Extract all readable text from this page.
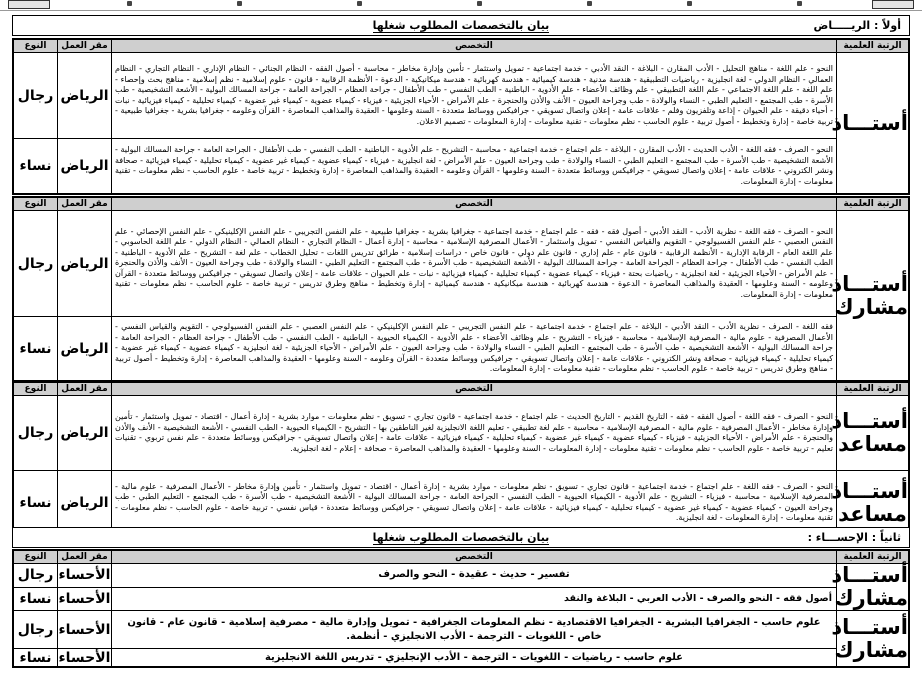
أولاً : الريـــــاض
بيان بالتخصصات المطلوب شغلها
الرتبة العلمية	التخصص	مقر العمل	النوع
أستـــاذ	النحو - علم اللغة - مناهج التحليل - الأدب المقارن - البلاغة - النقد الأدبي - خدمة اجتماعية - تمويل واستثمار - تأمين وإدارة مخاطر - محاسبة - أصول الفقه - النظام الجنائي - النظام الإداري - النظام التجاري - النظام العمالي - النظام الدولي - لغة انجليزية - رياضيات التطبيقية - هندسة مدنية - هندسة كيميائية - هندسة كهربائية - هندسة ميكانيكية - الدعوة - الأنظمة الرقابية - قانون - علوم إسلامية - نظم إسلامية - مناهج بحث وإحصاء - علم اللغة - علم اللغة الاجتماعي - علم اللغة التطبيقي - علم وظائف الأعضاء - علم الأدوية - الباطنية - الطب النفسي - طب الأطفال - جراحة العظام - الجراحة العامة - جراحة المسالك البولية - الأشعة التشخيصية - طب الأسرة - طب المجتمع - التعليم الطبي - النساء والولادة - طب وجراحة العيون - الأنف والأذن والحنجرة - علم الأمراض - الأحياء الجزيئية - فيزياء - كيمياء عضوية - كيمياء غير عضوية - كيمياء تحليلية - كيمياء فيزيائية - نبات - أحياء دقيقة - علم الحيوان - إذاعة وتلفزيون وفلم - علاقات عامة - إعلان واتصال تسويقي - جرافيكس ووسائط متعددة - السنة وعلومها - العقيدة والمذاهب المعاصرة - القرآن وعلومه - جغرافيا بشرية - جغرافيا طبيعية - تربية خاصة - إدارة وتخطيط - أصول تربية - علوم الحاسب - نظم معلومات - تقنية معلومات - إدارة المعلومات - تصميم الاعلان.	الرياض	رجال
	النحو - الصرف - فقه اللغة - الأدب الحديث - الأدب المقارن - البلاغة - علم اجتماع - خدمة اجتماعية - محاسبة - التشريح - علم الأدوية - الباطنية - الطب النفسي - طب الأطفال - الجراحة العامة - جراحة المسالك البولية - الأشعة التشخيصية - طب الأسرة - طب المجتمع - التعليم الطبي - النساء والولادة - طب وجراحة العيون - علم الأمراض - لغة انجليزية - فيزياء - كيمياء عضوية - كيمياء غير عضوية - كيمياء تحليلية - كيمياء فيزيائية - صحافة ونشر الكتروني - علاقات عامة - إعلان واتصال تسويقي - جرافيكس ووسائط متعددة - السنة وعلومها - القرآن وعلومه - العقيدة والمذاهب المعاصرة - إدارة وتخطيط - تربية خاصة - علوم الحاسب - نظم معلومات - تقنية معلومات - إدارة المعلومات.	الرياض	نساء
الرتبة العلمية	التخصص	مقر العمل	النوع
أستـــاذ مشارك	النحو - الصرف - فقه اللغة - نظرية الأدب - النقد الأدبي - أصول فقه - فقه - علم اجتماع - خدمة اجتماعية - جغرافيا بشرية - جغرافيا طبيعية - علم النفس التجريبي - علم النفس الإكلينيكي - علم النفس الإحصائي - علم النفس العصبي - علم النفس الفسيولوجي - التقويم والقياس النفسي - تمويل واستثمار - الأعمال المصرفية الإسلامية - محاسبة - إدارة أعمال - النظام التجاري - النظام العمالي - النظام الدولي - علم اللغة الحاسوبي - علم اللغة العام - الرقابة الإدارية - الأنظمة الرقابية - قانون عام - علم إداري - قانون علم دولي - قانون خاص - دراسات إسلامية - طرائق تدريس اللغات - تحليل الخطاب - علم لغة - التشريح - علم الأدوية - الباطنية - الطب النفسي - طب الأطفال - جراحة العظام - الجراحة العامة - جراحة المسالك البولية - الأشعة التشخيصية - طب الأسرة - طب المجتمع - التعليم الطبي - النساء والولادة - طب وجراحة العيون - الأنف والأذن والحنجرة - علم الأمراض - الأحياء الجزيئية - لغة انجليزية - رياضيات بحتة - فيزياء - كيمياء عضوية - كيمياء تحليلية - كيمياء فيزيائية - نبات - علم الحيوان - علاقات عامة - إعلان واتصال تسويقي - جرافيكس ووسائط متعددة - القرآن وعلومه - السنة وعلومها - العقيدة والمذاهب المعاصرة - الدعوة - هندسة كهربائية - هندسة ميكانيكية - هندسة كيميائية - إدارة وتخطيط - مناهج وطرق تدريس - تربية خاصة - علوم الحاسب - نظم معلومات - تقنية معلومات - إدارة المعلومات.	الرياض	رجال
	فقه اللغة - الصرف - نظرية الأدب - النقد الأدبي - البلاغة - علم اجتماع - خدمة اجتماعية - علم النفس التجريبي - علم النفس الإكلينيكي - علم النفس العصبي - علم النفس الفسيولوجي - التقويم والقياس النفسي - الأعمال المصرفية - علوم مالية - المصرفية الإسلامية - محاسبة - فيزياء - التشريح - علم وظائف الأعضاء - علم الأدوية - الكيمياء الحيوية - الباطنية - الطب النفسي - طب الأطفال - جراحة العظام - الجراحة العامة - جراحة المسالك البولية - الأشعة التشخيصية - طب الأسرة - طب المجتمع - التعليم الطبي - النساء والولادة - طب وجراحة العيون - علم الأمراض - الأحياء الجزيئية - لغة انجليزية - كيمياء عضوية - كيمياء غير عضوية - كيمياء تحليلية - كيمياء فيزيائية - صحافة ونشر الكتروني - علاقات عامة - إعلان واتصال تسويقي - جرافيكس ووسائط متعددة - القرآن وعلومه - السنة وعلومها - العقيدة والمذاهب المعاصرة - إدارة وتخطيط - أصول تربية - مناهج وطرق تدريس - تربية خاصة - علوم الحاسب - نظم معلومات - تقنية معلومات - إدارة المعلومات.	الرياض	نساء
الرتبة العلمية	التخصص	مقر العمل	النوع
أستـــاذ مساعد	النحو - الصرف - فقه اللغة - أصول الفقه - فقه - التاريخ القديم - التاريخ الحديث - علم اجتماع - خدمة اجتماعية - قانون تجاري - تسويق - نظم معلومات - موارد بشرية - إدارة أعمال - اقتصاد - تمويل واستثمار - تأمين وإدارة مخاطر - الأعمال المصرفية - علوم مالية - المصرفية الإسلامية - محاسبة - علم لغة تطبيقي - تعليم اللغة الانجليزية لغير الناطقين بها - التشريح - الكيمياء الحيوية - الطب النفسي - الأشعة التشخيصية - الأنف والأذن والحنجرة - علم الأمراض - الأحياء الجزيئية - فيزياء - كيمياء عضوية - كيمياء غير عضوية - كيمياء تحليلية - كيمياء فيزيائية - علاقات عامة - إعلان واتصال تسويقي - جرافيكس ووسائط متعددة - علم نفس تربوي - تقنيات تعليم - تربية خاصة - علوم الحاسب - نظم معلومات - تقنية معلومات - إدارة المعلومات - السنة وعلومها - العقيدة والمذاهب المعاصرة - صحافة - إعلام - لغة انجليزية.	الرياض	رجال
أستـــاذ مساعد	النحو - الصرف - فقه اللغة - علم اجتماع - خدمة اجتماعية - قانون تجاري - تسويق - نظم معلومات - موارد بشرية - إدارة أعمال - اقتصاد - تمويل واستثمار - تأمين وإدارة مخاطر - الأعمال المصرفية - علوم مالية - المصرفية الإسلامية - محاسبة - فيزياء - التشريح - علم الأدوية - الكيمياء الحيوية - الطب النفسي - الجراحة العامة - جراحة المسالك البولية - الأشعة التشخيصية - طب الأسرة - طب المجتمع - التعليم الطبي - طب وجراحة العيون - كيمياء عضوية - كيمياء غير عضوية - كيمياء تحليلية - كيمياء فيزيائية - علاقات عامة - إعلان واتصال تسويقي - جرافيكس ووسائط متعددة - قياس نفسي - تربية خاصة - علوم الحاسب - نظم معلومات - تقنية معلومات - إدارة المعلومات - لغة انجليزية.	الرياض	نساء
ثانياً : الإحســـاء :
بيان بالتخصصات المطلوب شغلها
الرتبة العلمية	التخصص	مقر العمل	النوع
أستـــاذ مشارك	تفسير - حديث - عقيدة - النحو والصرف	الأحساء	رجال
	أصول فقه - النحو والصرف - الأدب العربي - البلاغة والنقد	الأحساء	نساء
أستـــاذ مشارك	علوم حاسب - الجغرافيا البشرية - الجغرافيا الاقتصادية - نظم المعلومات الجغرافية - تمويل وإدارة مالية - مصرفية إسلامية - قانون عام - قانون خاص - اللغويات - الترجمة - الأدب الانجليزي - أنظمة.	الأحساء	رجال
	علوم حاسب - رياضيات - اللغويات - الترجمة - الأدب الإنجليزي - تدريس اللغة الانجليزية	الأحساء	نساء
